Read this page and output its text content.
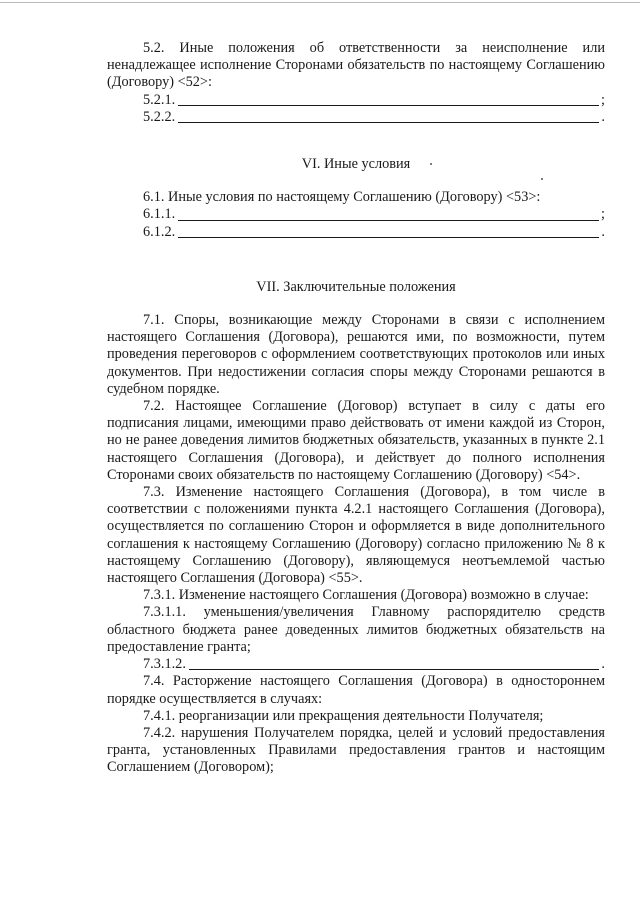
5.2. Иные положения об ответственности за неисполнение или ненадлежащее исполнение Сторонами обязательств по настоящему Соглашению (Договору) <52>:
5.2.1.	;
5.2.2.	.
VI. Иные условия
6.1. Иные условия по настоящему Соглашению (Договору) <53>:
6.1.1.	;
6.1.2.	.
VII. Заключительные положения
7.1. Споры, возникающие между Сторонами в связи с исполнением настоящего Соглашения (Договора), решаются ими, по возможности, путем проведения переговоров с оформлением соответствующих протоколов или иных документов. При недостижении согласия споры между Сторонами решаются в судебном порядке.
7.2. Настоящее Соглашение (Договор) вступает в силу с даты его подписания лицами, имеющими право действовать от имени каждой из Сторон, но не ранее доведения лимитов бюджетных обязательств, указанных в пункте 2.1 настоящего Соглашения (Договора), и действует до полного исполнения Сторонами своих обязательств по настоящему Соглашению (Договору) <54>.
7.3. Изменение настоящего Соглашения (Договора), в том числе в соответствии с положениями пункта 4.2.1 настоящего Соглашения (Договора), осуществляется по соглашению Сторон и оформляется в виде дополнительного соглашения к настоящему Соглашению (Договору) согласно приложению № 8 к настоящему Соглашению (Договору), являющемуся неотъемлемой частью настоящего Соглашения (Договора) <55>.
7.3.1. Изменение настоящего Соглашения (Договора) возможно в случае:
7.3.1.1. уменьшения/увеличения Главному распорядителю средств областного бюджета ранее доведенных лимитов бюджетных обязательств на предоставление гранта;
7.3.1.2.	.
7.4. Расторжение настоящего Соглашения (Договора) в одностороннем порядке осуществляется в случаях:
7.4.1. реорганизации или прекращения деятельности Получателя;
7.4.2. нарушения Получателем порядка, целей и условий предоставления гранта, установленных Правилами предоставления грантов и настоящим Соглашением (Договором);
